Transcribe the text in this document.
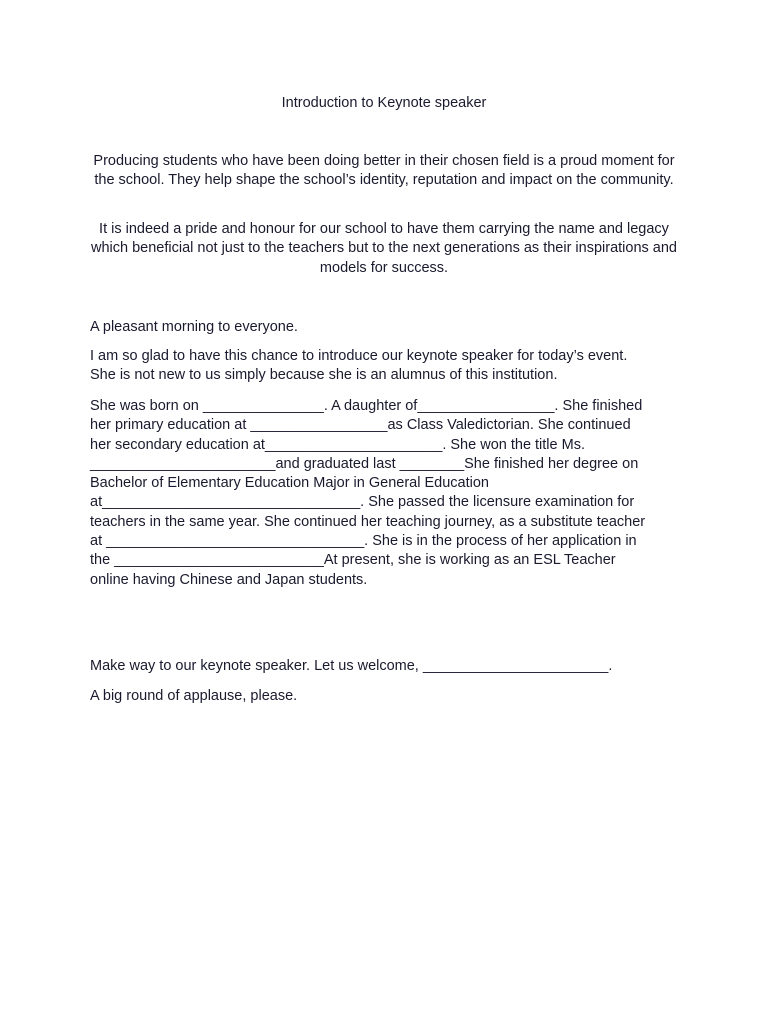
Introduction to Keynote speaker

Producing students who have been doing better in their chosen field is a proud moment for the school. They help shape the school’s identity, reputation and impact on the community.

It is indeed a pride and honour for our school to have them carrying the name and legacy which beneficial not just to the teachers but to the next generations as their inspirations and models for success.

A pleasant morning to everyone.

I am so glad to have this chance to introduce our keynote speaker for today’s event.
She is not new to us simply because she is an alumnus of this institution.

She was born on _______________. A daughter of_________________. She finished
her primary education at _________________as Class Valedictorian. She continued
her secondary education at______________________. She won the title Ms.
_______________________and graduated last ________She finished her degree on
Bachelor of Elementary Education Major in General Education
at________________________________. She passed the licensure examination for
teachers in the same year. She continued her teaching journey, as a substitute teacher
at ________________________________. She is in the process of her application in
the __________________________At present, she is working as an ESL Teacher
online having Chinese and Japan students.

Make way to our keynote speaker. Let us welcome, _______________________.

A big round of applause, please.
